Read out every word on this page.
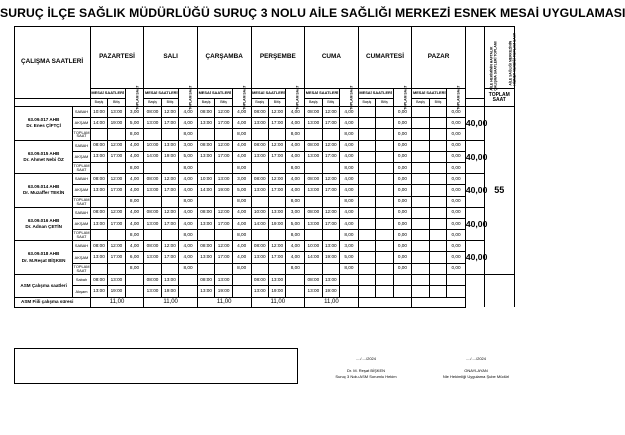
SURUÇ İLÇE SAĞLIK MÜDÜRLÜĞÜ SURUÇ 3 NOLU AİLE SAĞLIĞI MERKEZİ ESNEK MESAİ UYGULAMASI
ÇALIŞMA SAATLERİ		PAZARTESİ			SALI			ÇARŞAMBA			PERŞEMBE			CUMA			CUMARTESİ			PAZAR			AİLE HEKİMİNİN HAFTALIK ÇALIŞMA SAATLERİ TOPLAMI	AİLE SAĞLIĞI MERKEZİNİN HİZMET VERDİĞİ TOPLAM SAAT
		MESAİ SAATLERİ		TOPLAM SAAT	MESAİ SAATLERİ		TOPLAM SAAT	MESAİ SAATLERİ		TOPLAM SAAT	MESAİ SAATLERİ		TOPLAM SAAT	MESAİ SAATLERİ		TOPLAM SAAT	MESAİ SAATLERİ		TOPLAM SAAT	MESAİ SAATLERİ		TOPLAM SAAT		TOPLAM SAAT
		Başlş	Bitiş		Başlş	Bitiş		Başlş	Bitiş		Başlş	Bitiş		Başlş	Bitiş		Başlş	Bitiş		Başlş	Bitiş			

63.09.017 AHB
Dr. Enes ÇİFTÇİ	SABAH	10:00	13:00	3,00	08:00	12:00	4,00	08:00	12:00	4,00	08:00	12:00	4,00	08:00	12:00	4,00			0,00			0,00	40,00	55
	AKŞAM	14:00	19:00	5,00	13:00	17:00	4,00	13:00	17:00	4,00	13:00	17:00	4,00	13:00	17:00	4,00			0,00			0,00		
	TOPLAM SAAT			8,00			8,00			8,00			8,00			8,00			0,00			0,00		

63.09.015 AHB
Dr. Ahmet Nebi ÖZ	SABAH	08:00	12:00	4,00	10:00	13:00	3,00	08:00	12:00	4,00	08:00	12:00	4,00	08:00	12:00	4,00			0,00			0,00	40,00	
	AKŞAM	13:00	17:00	4,00	14:00	19:00	5,00	13:00	17:00	4,00	13:00	17:00	4,00	13:00	17:00	4,00			0,00			0,00		
	TOPLAM SAAT			8,00			8,00			8,00			8,00			8,00			0,00			0,00		

63.09.014 AHB
Dr. Muzaffer TEKİN	SABAH	08:00	12:00	4,00	08:00	12:00	4,00	10:00	13:00	3,00	08:00	12:00	4,00	08:00	12:00	4,00			0,00			0,00	40,00	
	AKŞAM	13:00	17:00	4,00	13:00	17:00	4,00	14:00	19:00	5,00	13:00	17:00	4,00	13:00	17:00	4,00			0,00			0,00		
	TOPLAM SAAT			8,00			8,00			8,00			8,00			8,00			0,00			0,00		

63.09.016 AHB
Dr. Adnan ÇETİN	SABAH	08:00	12:00	4,00	08:00	12:00	4,00	08:00	12:00	4,00	10:00	13:00	3,00	08:00	12:00	4,00			0,00			0,00	40,00	
	AKŞAM	13:00	17:00	4,00	13:00	17:00	4,00	13:00	17:00	4,00	14:00	19:00	5,00	13:00	17:00	4,00			0,00			0,00		
	TOPLAM SAAT			8,00			8,00			8,00			8,00			8,00			0,00			0,00		

63.09.018 AHB
Dr. M.Reşat BİŞKEN	SABAH	08:00	12:00	4,00	08:00	12:00	4,00	08:00	12:00	4,00	08:00	12:00	4,00	10:00	13:00	3,00			0,00			0,00	40,00	
	AKŞAM	13:00	17:00	6,00	13:00	17:00	4,00	13:00	17:00	4,00	13:00	17:00	4,00	14:00	19:00	5,00			0,00			0,00		
	TOPLAM SAAT			8,00			8,00			8,00			8,00			8,00			0,00			0,00		
ASM Çalışma saatleri	Sabah	08:00	13:00		08:00	13:00		08:00	13:00		08:00	13:00		08:00	13:00									
	Akşam	13:00	19:00		13:00	19:00		13:00	19:00		13:00	19:00		13:00	19:00									
ASM Fiili çalışma süresi		11,00			11,00			11,00			11,00			11,00										
..../..../2024
Dr. M. Reşat BİŞKEN
Suruç 3 Nolu ASM Sorumlu Hekim
..../..../2024
ONAYLAYAN
Nle Hekimliği Uygulama Şube Müdürl
